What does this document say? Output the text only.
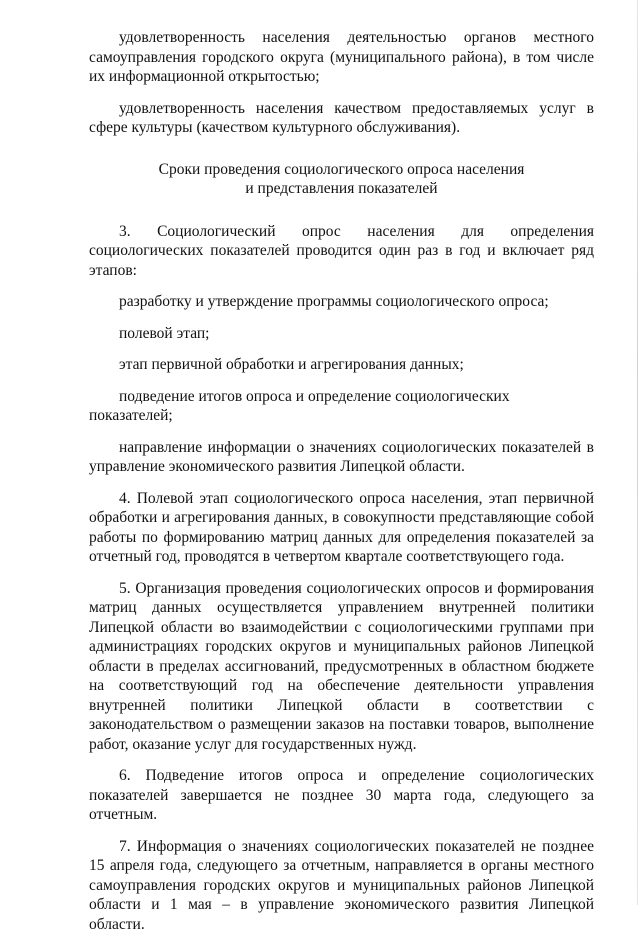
удовлетворенность населения деятельностью органов местного самоуправления городского округа (муниципального района), в том числе их информационной открытостью;

удовлетворенность населения качеством предоставляемых услуг в сфере культуры (качеством культурного обслуживания).

Сроки проведения социологического опроса населения
и представления показателей

3. Социологический опрос населения для определения социологических показателей проводится один раз в год и включает ряд этапов:

разработку и утверждение программы социологического опроса;

полевой этап;

этап первичной обработки и агрегирования данных;

подведение итогов опроса и определение социологических показателей;

направление информации о значениях социологических показателей в управление экономического развития Липецкой области.

4. Полевой этап социологического опроса населения, этап первичной обработки и агрегирования данных, в совокупности представляющие собой работы по формированию матриц данных для определения показателей за отчетный год, проводятся в четвертом квартале соответствующего года.

5. Организация проведения социологических опросов и формирования матриц данных осуществляется управлением внутренней политики Липецкой области во взаимодействии с социологическими группами при администрациях городских округов и муниципальных районов Липецкой области в пределах ассигнований, предусмотренных в областном бюджете на соответствующий год на обеспечение деятельности управления внутренней политики Липецкой области в соответствии с законодательством о размещении заказов на поставки товаров, выполнение работ, оказание услуг для государственных нужд.

6. Подведение итогов опроса и определение социологических показателей завершается не позднее 30 марта года, следующего за отчетным.

7. Информация о значениях социологических показателей не позднее 15 апреля года, следующего за отчетным, направляется в органы местного самоуправления городских округов и муниципальных районов Липецкой области и 1 мая – в управление экономического развития Липецкой области.
